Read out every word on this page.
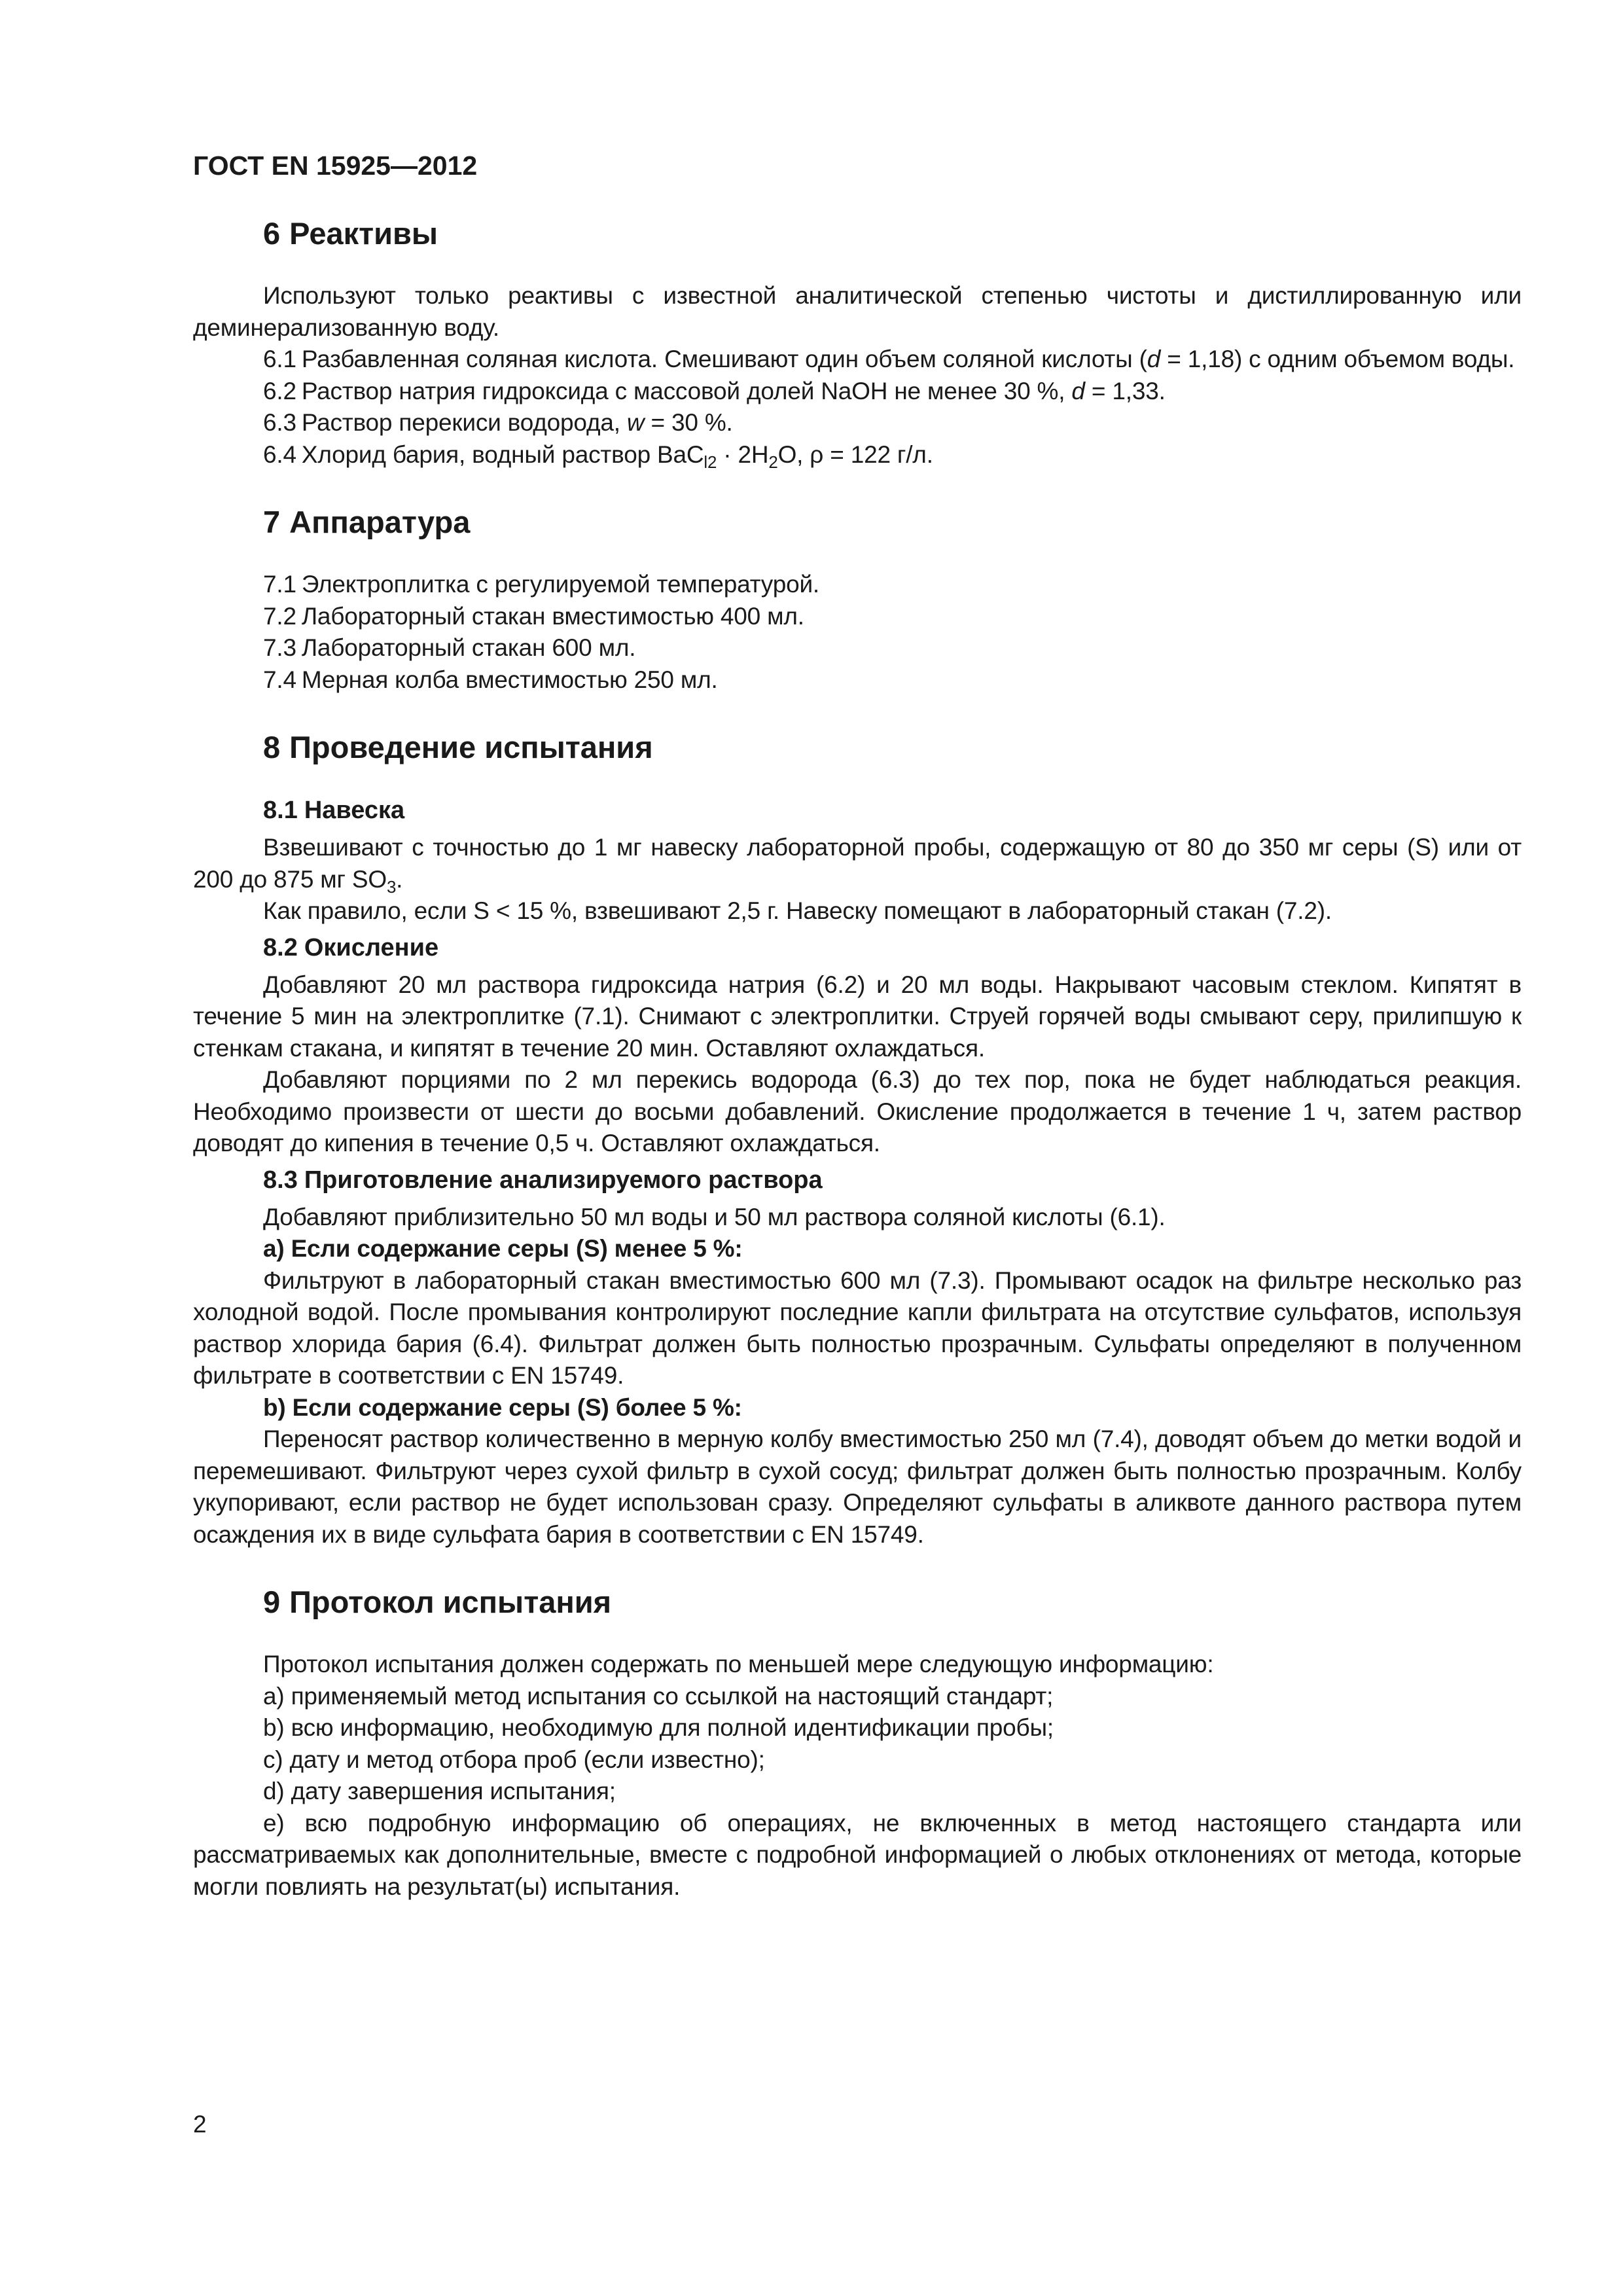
ГОСТ EN 15925—2012
6 Реактивы

Используют только реактивы с известной аналитической степенью чистоты и дистиллированную или деминерализованную воду.

6.1 Разбавленная соляная кислота. Смешивают один объем соляной кислоты (d = 1,18) с одним объемом воды.

6.2 Раствор натрия гидроксида с массовой долей NaOH не менее 30 %, d = 1,33.

6.3 Раствор перекиси водорода, w = 30 %.

6.4 Хлорид бария, водный раствор $BaC_{l2} \cdot 2H_2O$, ρ = 122 г/л.

7 Аппаратура

7.1 Электроплитка с регулируемой температурой.

7.2 Лабораторный стакан вместимостью 400 мл.

7.3 Лабораторный стакан 600 мл.

7.4 Мерная колба вместимостью 250 мл.

8 Проведение испытания
8.1 Навеска

Взвешивают с точностью до 1 мг навеску лабораторной пробы, содержащую от 80 до 350 мг серы (S) или от 200 до 875 мг $SO_3$.

Как правило, если S < 15 %, взвешивают 2,5 г. Навеску помещают в лабораторный стакан (7.2).

8.2 Окисление

Добавляют 20 мл раствора гидроксида натрия (6.2) и 20 мл воды. Накрывают часовым стеклом. Кипятят в течение 5 мин на электроплитке (7.1). Снимают с электроплитки. Струей горячей воды смывают серу, прилипшую к стенкам стакана, и кипятят в течение 20 мин. Оставляют охлаждаться.

Добавляют порциями по 2 мл перекись водорода (6.3) до тех пор, пока не будет наблюдаться реакция. Необходимо произвести от шести до восьми добавлений. Окисление продолжается в течение 1 ч, затем раствор доводят до кипения в течение 0,5 ч. Оставляют охлаждаться.

8.3 Приготовление анализируемого раствора

Добавляют приблизительно 50 мл воды и 50 мл раствора соляной кислоты (6.1).

a) Если содержание серы (S) менее 5 %:

Фильтруют в лабораторный стакан вместимостью 600 мл (7.3). Промывают осадок на фильтре несколько раз холодной водой. После промывания контролируют последние капли фильтрата на отсутствие сульфатов, используя раствор хлорида бария (6.4). Фильтрат должен быть полностью прозрачным. Сульфаты определяют в полученном фильтрате в соответствии с EN 15749.

b) Если содержание серы (S) более 5 %:

Переносят раствор количественно в мерную колбу вместимостью 250 мл (7.4), доводят объем до метки водой и перемешивают. Фильтруют через сухой фильтр в сухой сосуд; фильтрат должен быть полностью прозрачным. Колбу укупоривают, если раствор не будет использован сразу. Определяют сульфаты в аликвоте данного раствора путем осаждения их в виде сульфата бария в соответствии с EN 15749.

9 Протокол испытания

Протокол испытания должен содержать по меньшей мере следующую информацию:

a) применяемый метод испытания со ссылкой на настоящий стандарт;

b) всю информацию, необходимую для полной идентификации пробы;

c) дату и метод отбора проб (если известно);

d) дату завершения испытания;

e) всю подробную информацию об операциях, не включенных в метод настоящего стандарта или рассматриваемых как дополнительные, вместе с подробной информацией о любых отклонениях от метода, которые могли повлиять на результат(ы) испытания.

2
